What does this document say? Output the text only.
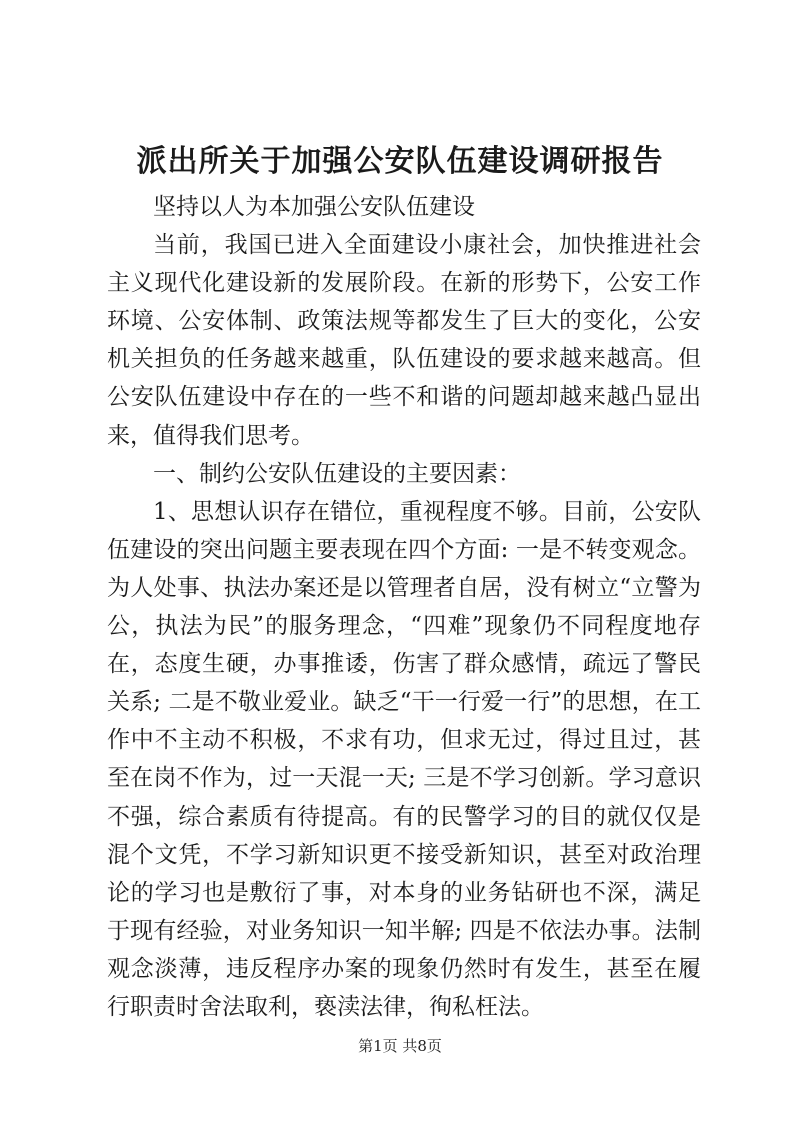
派出所关于加强公安队伍建设调研报告

坚持以人为本加强公安队伍建设

当前，我国已进入全面建设小康社会，加快推进社会主义现代化建设新的发展阶段。在新的形势下，公安工作环境、公安体制、政策法规等都发生了巨大的变化，公安机关担负的任务越来越重，队伍建设的要求越来越高。但公安队伍建设中存在的一些不和谐的问题却越来越凸显出来，值得我们思考。

一、制约公安队伍建设的主要因素：

1、思想认识存在错位，重视程度不够。目前，公安队伍建设的突出问题主要表现在四个方面: 一是不转变观念。为人处事、执法办案还是以管理者自居，没有树立“立警为公，执法为民”的服务理念，“四难”现象仍不同程度地存在，态度生硬，办事推诿，伤害了群众感情，疏远了警民关系; 二是不敬业爱业。缺乏“干一行爱一行”的思想，在工作中不主动不积极，不求有功，但求无过，得过且过，甚至在岗不作为，过一天混一天; 三是不学习创新。学习意识不强，综合素质有待提高。有的民警学习的目的就仅仅是混个文凭，不学习新知识更不接受新知识，甚至对政治理论的学习也是敷衍了事，对本身的业务钻研也不深，满足于现有经验，对业务知识一知半解; 四是不依法办事。法制观念淡薄，违反程序办案的现象仍然时有发生，甚至在履行职责时舍法取利，亵渎法律，徇私枉法。

第1页 共8页
